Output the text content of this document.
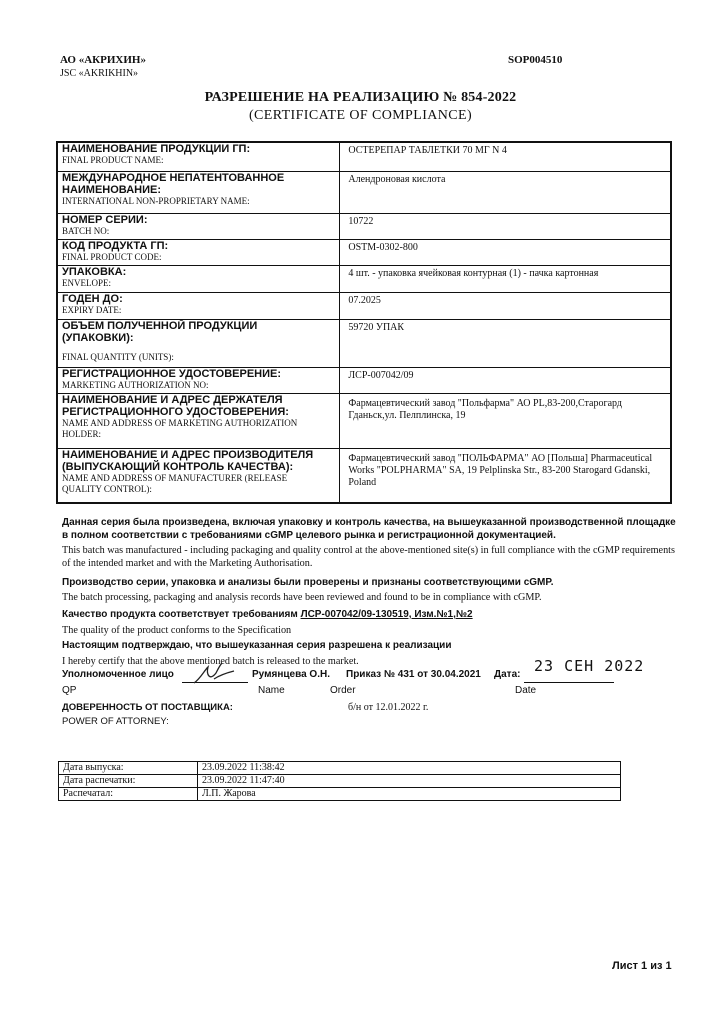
АО «АКРИХИН»
JSC «AKRIKHIN»
SOP004510
РАЗРЕШЕНИЕ НА РЕАЛИЗАЦИЮ № 854-2022
(CERTIFICATE OF COMPLIANCE)
НАИМЕНОВАНИЕ ПРОДУКЦИИ ГП:
FINAL PRODUCT NAME:	ОСТЕРЕПАР ТАБЛЕТКИ 70 МГ N 4

МЕЖДУНАРОДНОЕ НЕПАТЕНТОВАННОЕ НАИМЕНОВАНИЕ:
INTERNATIONAL NON-PROPRIETARY NAME:	Алендроновая кислота

НОМЕР СЕРИИ:
BATCH NO:	10722

КОД ПРОДУКТА ГП:
FINAL PRODUCT CODE:	OSTM-0302-800

УПАКОВКА:
ENVELOPE:	4 шт. - упаковка ячейковая контурная (1) - пачка картонная

ГОДЕН ДО:
EXPIRY DATE:	07.2025

ОБЪЕМ ПОЛУЧЕННОЙ ПРОДУКЦИИ (УПАКОВКИ):
FINAL QUANTITY (UNITS):	59720 УПАК

РЕГИСТРАЦИОННОЕ УДОСТОВЕРЕНИЕ:
MARKETING AUTHORIZATION NO:	ЛСР-007042/09

НАИМЕНОВАНИЕ И АДРЕС ДЕРЖАТЕЛЯ РЕГИСТРАЦИОННОГО УДОСТОВЕРЕНИЯ:
NAME AND ADDRESS OF MARKETING AUTHORIZATION HOLDER:	Фармацевтический завод "Польфарма" АО PL,83-200,Старогард Гданьск,ул. Пелплинска, 19

НАИМЕНОВАНИЕ И АДРЕС ПРОИЗВОДИТЕЛЯ (ВЫПУСКАЮЩИЙ КОНТРОЛЬ КАЧЕСТВА):
NAME AND ADDRESS OF MANUFACTURER (RELEASE QUALITY CONTROL):	Фармацевтический завод "ПОЛЬФАРМА" АО [Польша] Pharmaceutical Works "POLPHARMA" SA, 19 Pelplinska Str., 83-200 Starogard Gdanski, Poland
Данная серия была произведена, включая упаковку и контроль качества, на вышеуказанной производственной площадке в полном соответствии с требованиями cGMP целевого рынка и регистрационной документацией.
This batch was manufactured - including packaging and quality control at the above-mentioned site(s) in full compliance with the cGMP requirements of the intended market and with the Marketing Authorisation.
Производство серии, упаковка и анализы были проверены и признаны соответствующими cGMP.
The batch processing, packaging and analysis records have been reviewed and found to be in compliance with cGMP.
Качество продукта соответствует требованиям ЛСР-007042/09-130519, Изм.№1,№2
The quality of the product conforms to the Specification
Настоящим подтверждаю, что вышеуказанная серия разрешена к реализации
I hereby certify that the above mentioned batch is released to the market.
Уполномоченное лицо	Румянцева О.Н. Приказ № 431 от 30.04.2021 Дата: 23 СЕН 2022
QP	Name	Order	Date
ДОВЕРЕННОСТЬ ОТ ПОСТАВЩИКА:	б/н от 12.01.2022 г.
POWER OF ATTORNEY:
Дата выпуска:	23.09.2022 11:38:42
Дата распечатки:	23.09.2022 11:47:40
Распечатал:	Л.П. Жарова
Лист 1 из 1
